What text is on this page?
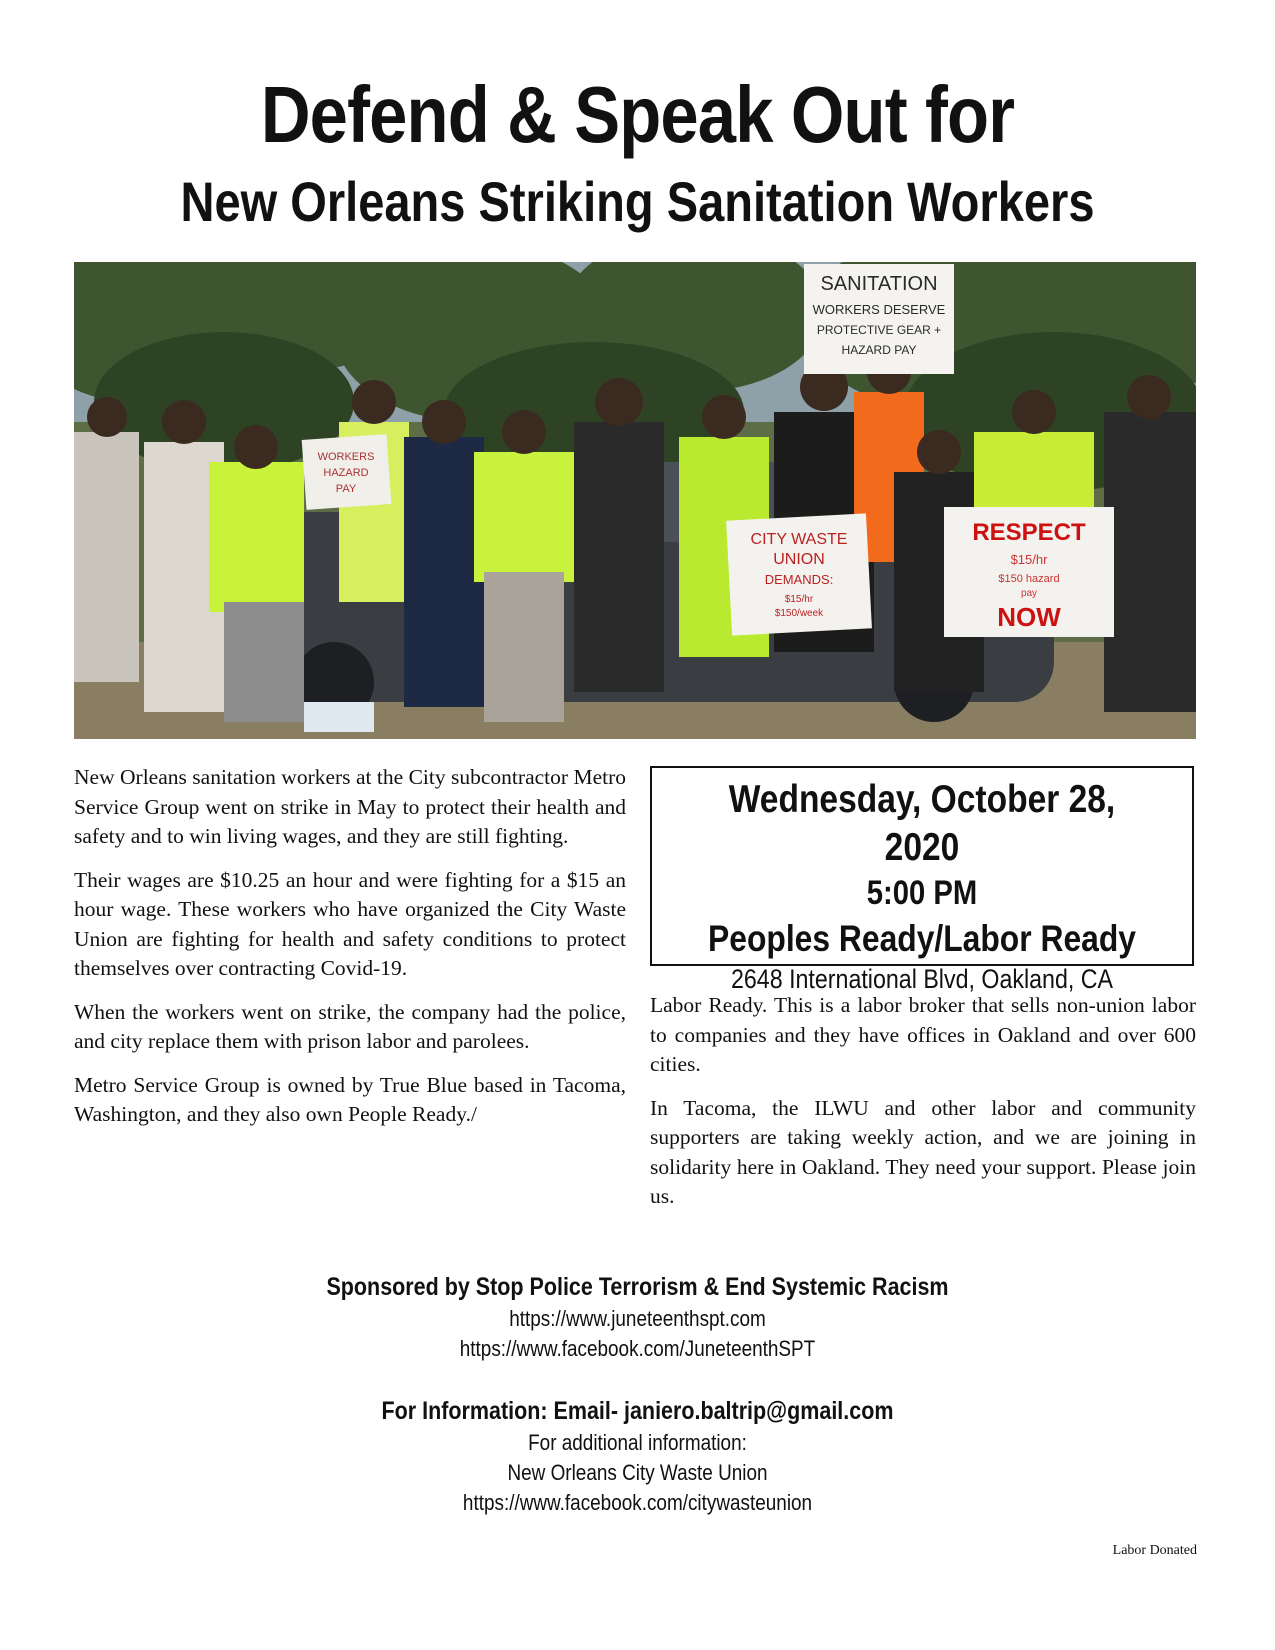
Defend & Speak Out for
New Orleans Striking Sanitation Workers
SANITATION
WORKERS DESERVE
PROTECTIVE GEAR +
HAZARD PAY
WORKERS
HAZARD
PAY
CITY WASTE
UNION
DEMANDS:
$15/hr
$150/week
RESPECT
$15/hr
$150 hazard
pay
NOW

New Orleans sanitation workers at the City subcontractor Metro Service Group went on strike in May to protect their health and safety and to win living wages, and they are still fighting.

Their wages are $10.25 an hour and were fighting for a $15 an hour wage. These workers who have organized the City Waste Union are fighting for health and safety conditions to protect themselves over contracting Covid-19.

When the workers went on strike, the company had the police, and city replace them with prison labor and parolees.

Metro Service Group is owned by True Blue based in Tacoma, Washington, and they also own People Ready./

Wednesday, October 28, 2020
5:00 PM
Peoples Ready/Labor Ready
2648 International Blvd, Oakland, CA

Labor Ready. This is a labor broker that sells non-union labor to companies and they have offices in Oakland and over 600 cities.

In Tacoma, the ILWU and other labor and community supporters are taking weekly action, and we are joining in solidarity here in Oakland. They need your support. Please join us.

Sponsored by Stop Police Terrorism & End Systemic Racism
https://www.juneteenthspt.com
https://www.facebook.com/JuneteenthSPT
For Information: Email- janiero.baltrip@gmail.com
For additional information:
New Orleans City Waste Union
https://www.facebook.com/citywasteunion
Labor Donated
